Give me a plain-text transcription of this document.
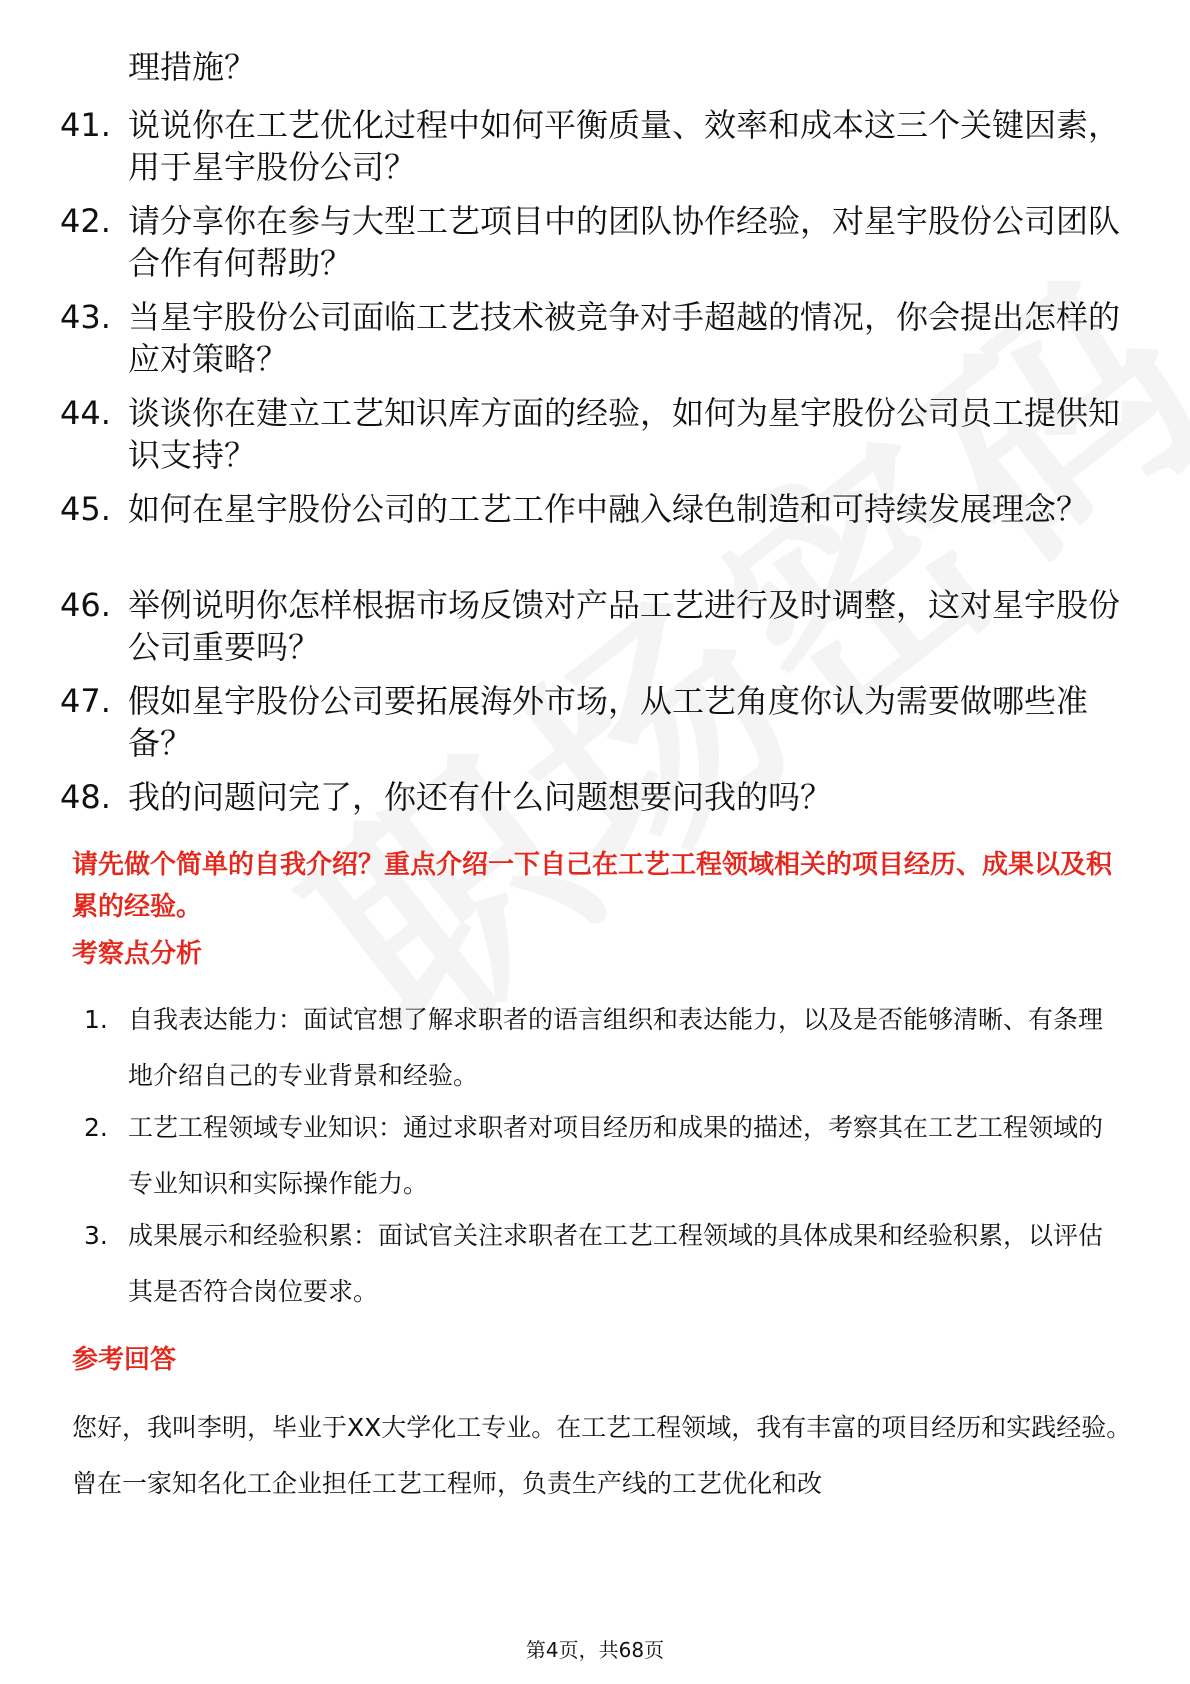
理措施？
41. 说说你在工艺优化过程中如何平衡质量、效率和成本这三个关键因素，用于星宇股份公司？
42. 请分享你在参与大型工艺项目中的团队协作经验，对星宇股份公司团队合作有何帮助？
43. 当星宇股份公司面临工艺技术被竞争对手超越的情况，你会提出怎样的应对策略？
44. 谈谈你在建立工艺知识库方面的经验，如何为星宇股份公司员工提供知识支持？
45. 如何在星宇股份公司的工艺工作中融入绿色制造和可持续发展理念？
46. 举例说明你怎样根据市场反馈对产品工艺进行及时调整，这对星宇股份公司重要吗？
47. 假如星宇股份公司要拓展海外市场，从工艺角度你认为需要做哪些准备？
48. 我的问题问完了，你还有什么问题想要问我的吗？
请先做个简单的自我介绍？重点介绍一下自己在工艺工程领域相关的项目经历、成果以及积累的经验。
考察点分析
1. 自我表达能力：面试官想了解求职者的语言组织和表达能力，以及是否能够清晰、有条理地介绍自己的专业背景和经验。
2. 工艺工程领域专业知识：通过求职者对项目经历和成果的描述，考察其在工艺工程领域的专业知识和实际操作能力。
3. 成果展示和经验积累：面试官关注求职者在工艺工程领域的具体成果和经验积累，以评估其是否符合岗位要求。
参考回答
您好，我叫李明，毕业于XX大学化工专业。在工艺工程领域，我有丰富的项目经历和实践经验。曾在一家知名化工企业担任工艺工程师，负责生产线的工艺优化和改
第4页，共68页
